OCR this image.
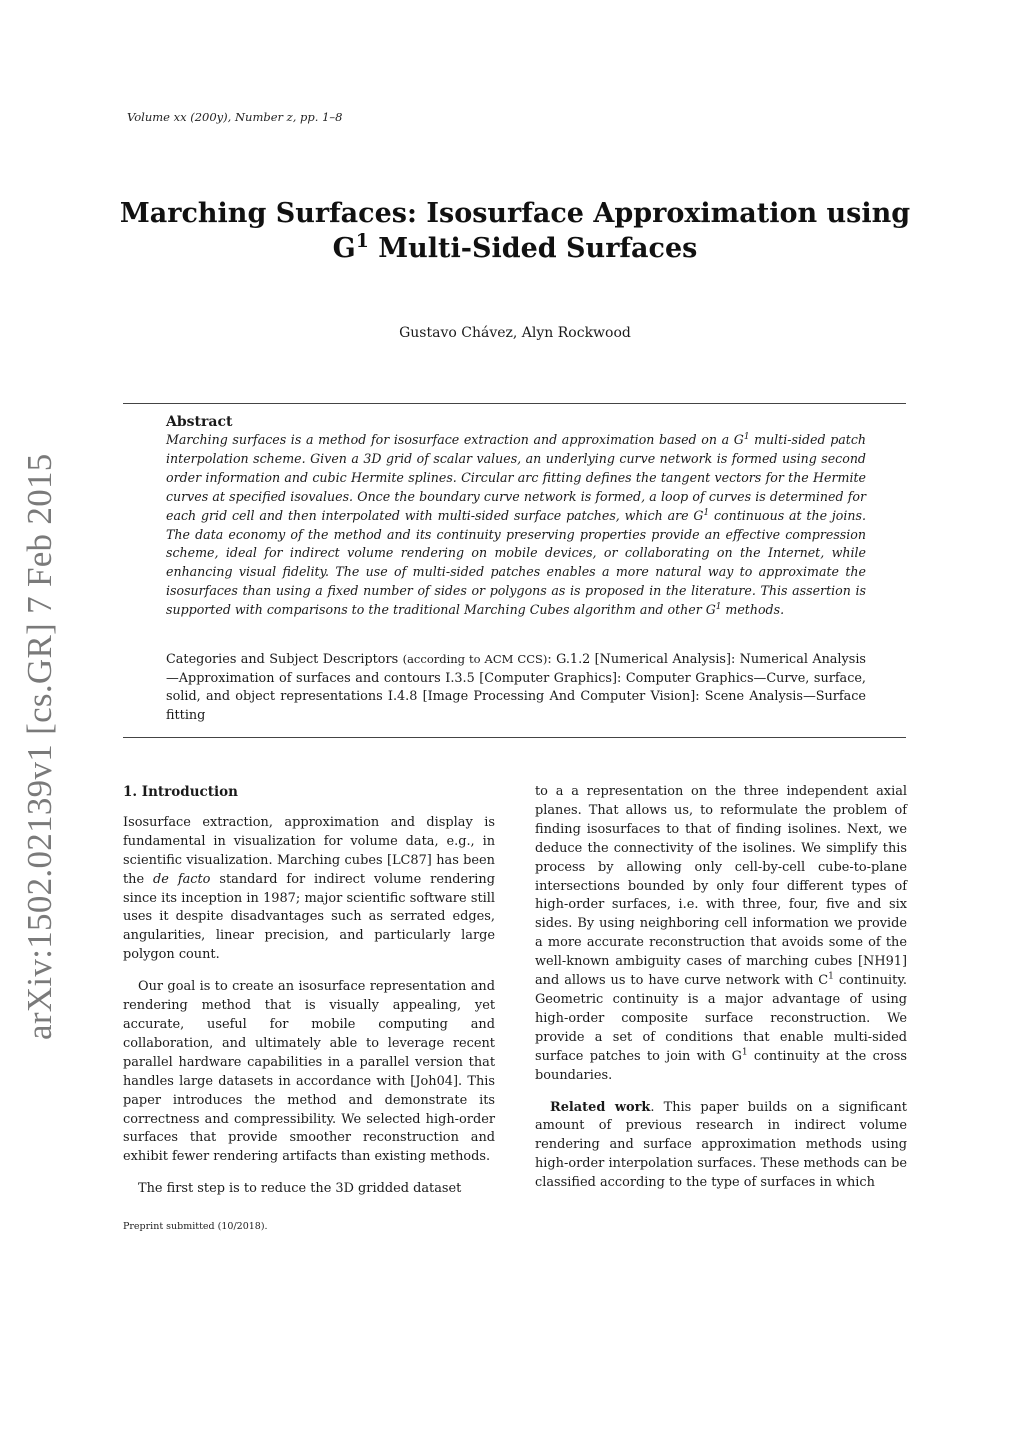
Volume xx (200y), Number z, pp. 1–8
Marching Surfaces: Isosurface Approximation using
$G^1$ Multi-Sided Surfaces
Gustavo Chávez, Alyn Rockwood
Abstract
Marching surfaces is a method for isosurface extraction and approximation based on a $G^1$ multi-sided patch interpolation scheme. Given a 3D grid of scalar values, an underlying curve network is formed using second order information and cubic Hermite splines. Circular arc fitting defines the tangent vectors for the Hermite curves at specified isovalues. Once the boundary curve network is formed, a loop of curves is determined for each grid cell and then interpolated with multi-sided surface patches, which are $G^1$ continuous at the joins. The data economy of the method and its continuity preserving properties provide an effective compression scheme, ideal for indirect volume rendering on mobile devices, or collaborating on the Internet, while enhancing visual fidelity. The use of multi-sided patches enables a more natural way to approximate the isosurfaces than using a fixed number of sides or polygons as is proposed in the literature. This assertion is supported with comparisons to the traditional Marching Cubes algorithm and other $G^1$ methods.
Categories and Subject Descriptors (according to ACM CCS): G.1.2 [Numerical Analysis]: Numerical Analysis—Approximation of surfaces and contours I.3.5 [Computer Graphics]: Computer Graphics—Curve, surface, solid, and object representations I.4.8 [Image Processing And Computer Vision]: Scene Analysis—Surface fitting
arXiv:1502.02139v1 [cs.GR] 7 Feb 2015	1. Introduction

Isosurface extraction, approximation and display is fundamental in visualization for volume data, e.g., in scientific visualization. Marching cubes [LC87] has been the de facto standard for indirect volume rendering since its inception in 1987; major scientific software still uses it despite disadvantages such as serrated edges, angularities, linear precision, and particularly large polygon count.

Our goal is to create an isosurface representation and rendering method that is visually appealing, yet accurate, useful for mobile computing and collaboration, and ultimately able to leverage recent parallel hardware capabilities in a parallel version that handles large datasets in accordance with [Joh04]. This paper introduces the method and demonstrate its correctness and compressibility. We selected high-order surfaces that provide smoother reconstruction and exhibit fewer rendering artifacts than existing methods.

The first step is to reduce the 3D gridded dataset

to a a representation on the three independent axial planes. That allows us, to reformulate the problem of finding isosurfaces to that of finding isolines. Next, we deduce the connectivity of the isolines. We simplify this process by allowing only cell-by-cell cube-to-plane intersections bounded by only four different types of high-order surfaces, i.e. with three, four, five and six sides. By using neighboring cell information we provide a more accurate reconstruction that avoids some of the well-known ambiguity cases of marching cubes [NH91] and allows us to have curve network with $C^1$ continuity. Geometric continuity is a major advantage of using high-order composite surface reconstruction. We provide a set of conditions that enable multi-sided surface patches to join with $G^1$ continuity at the cross boundaries.

Related work. This paper builds on a significant amount of previous research in indirect volume rendering and surface approximation methods using high-order interpolation surfaces. These methods can be classified according to the type of surfaces in which

Preprint submitted (10/2018).
